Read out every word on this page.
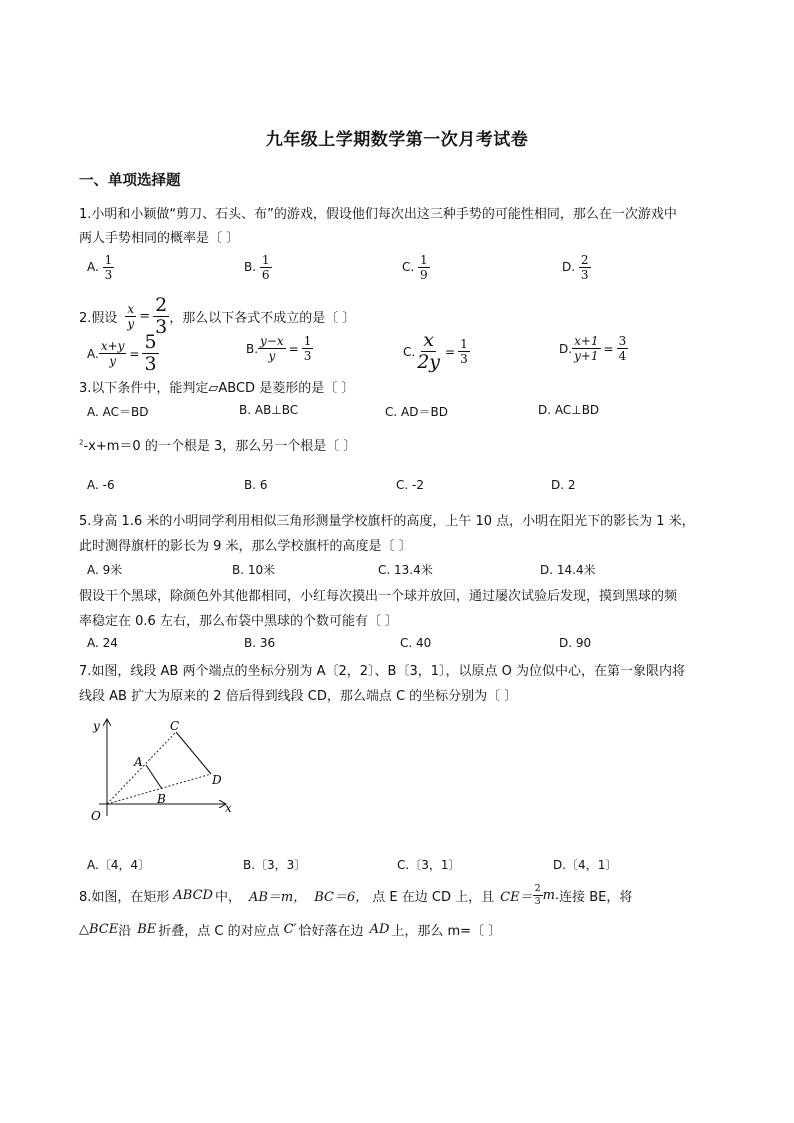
九年级上学期数学第一次月考试卷
一、单项选择题
1.小明和小颖做“剪刀、石头、布”的游戏，假设他们每次出这三种手势的可能性相同，那么在一次游戏中
两人手势相同的概率是〔 〕
A. $\frac{1}{3}$	B. $\frac{1}{6}$	C. $\frac{1}{9}$	D. $\frac{2}{3}$
2.假设 $\frac{x}{y} = \frac{2}{3}$ ，那么以下各式不成立的是〔 〕
A. $\frac{x+y}{y} = \frac{5}{3}$	B. $\frac{y-x}{y} = \frac{1}{3}$	C. $\frac{x}{2y} = \frac{1}{3}$	D. $\frac{x+1}{y+1} = \frac{3}{4}$
3.以下条件中，能判定▱ABCD 是菱形的是〔 〕
A. AC＝BD	B. AB⊥BC	C. AD＝BD	D. AC⊥BD
$^2$-x+m＝0 的一个根是 3，那么另一个根是〔 〕
A. -6	B. 6	C. -2	D. 2
5.身高 1.6 米的小明同学利用相似三角形测量学校旗杆的高度，上午 10 点，小明在阳光下的影长为 1 米，
此时测得旗杆的影长为 9 米，那么学校旗杆的高度是〔 〕
A. 9米	B. 10米	C. 13.4米	D. 14.4米
假设干个黑球，除颜色外其他都相同，小红每次摸出一个球并放回，通过屡次试验后发现，摸到黑球的频
率稳定在 0.6 左右，那么布袋中黑球的个数可能有〔 〕
A. 24	B. 36	C. 40	D. 90
7.如图，线段 AB 两个端点的坐标分别为 A〔2，2〕、B〔3，1〕，以原点 O 为位似中心，在第一象限内将
线段 AB 扩大为原来的 2 倍后得到线段 CD，那么端点 C 的坐标分别为〔 〕
y
x
O
A
B
C
D
A.〔4，4〕	B.〔3，3〕	C.〔3，1〕	D.〔4，1〕
8.如图，在矩形 ABCD 中， AB＝m， BC＝6， 点 E 在边 CD 上，且 $CE= \frac{2}{3} m$. 连接 BE，将
△BCE 沿 BE 折叠，点 C 的对应点 C′ 恰好落在边 AD 上，那么 m=〔 〕
